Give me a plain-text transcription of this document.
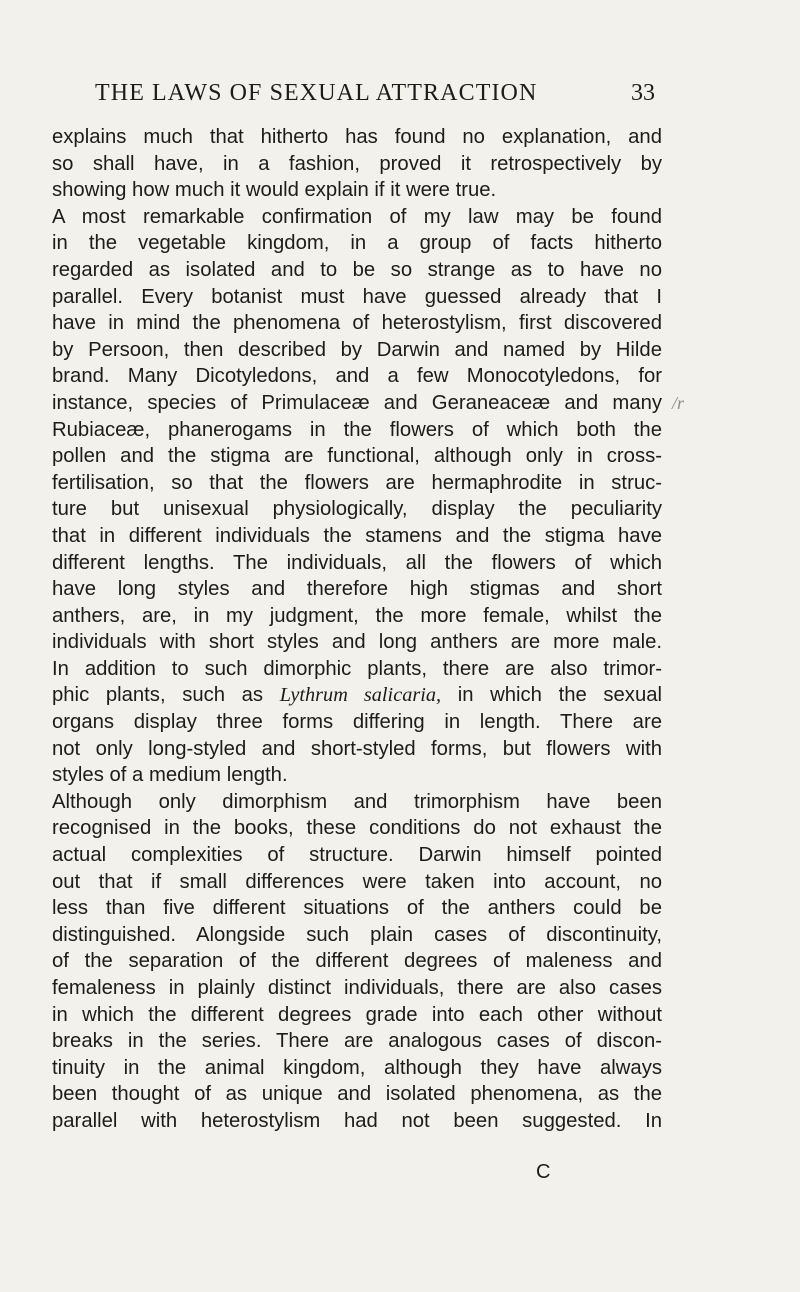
THE LAWS OF SEXUAL ATTRACTION	33
explains much that hitherto has found no explanation, and
so shall have, in a fashion, proved it retrospectively by
showing how much it would explain if it were true.
A most remarkable confirmation of my law may be found
in the vegetable kingdom, in a group of facts hitherto
regarded as isolated and to be so strange as to have no
parallel. Every botanist must have guessed already that I
have in mind the phenomena of heterostylism, first discovered
by Persoon, then described by Darwin and named by Hilde
brand. Many Dicotyledons, and a few Monocotyledons, for
instance, species of Primulaceæ and Geraneaceæ and many
Rubiaceæ, phanerogams in the flowers of which both the
pollen and the stigma are functional, although only in cross-
fertilisation, so that the flowers are hermaphrodite in struc-
ture but unisexual physiologically, display the peculiarity
that in different individuals the stamens and the stigma have
different lengths. The individuals, all the flowers of which
have long styles and therefore high stigmas and short
anthers, are, in my judgment, the more female, whilst the
individuals with short styles and long anthers are more male.
In addition to such dimorphic plants, there are also trimor-
phic plants, such as Lythrum salicaria, in which the sexual
organs display three forms differing in length. There are
not only long-styled and short-styled forms, but flowers with
styles of a medium length.
Although only dimorphism and trimorphism have been
recognised in the books, these conditions do not exhaust the
actual complexities of structure. Darwin himself pointed
out that if small differences were taken into account, no
less than five different situations of the anthers could be
distinguished. Alongside such plain cases of discontinuity,
of the separation of the different degrees of maleness and
femaleness in plainly distinct individuals, there are also cases
in which the different degrees grade into each other without
breaks in the series. There are analogous cases of discon-
tinuity in the animal kingdom, although they have always
been thought of as unique and isolated phenomena, as the
parallel with heterostylism had not been suggested. In
/r
C
